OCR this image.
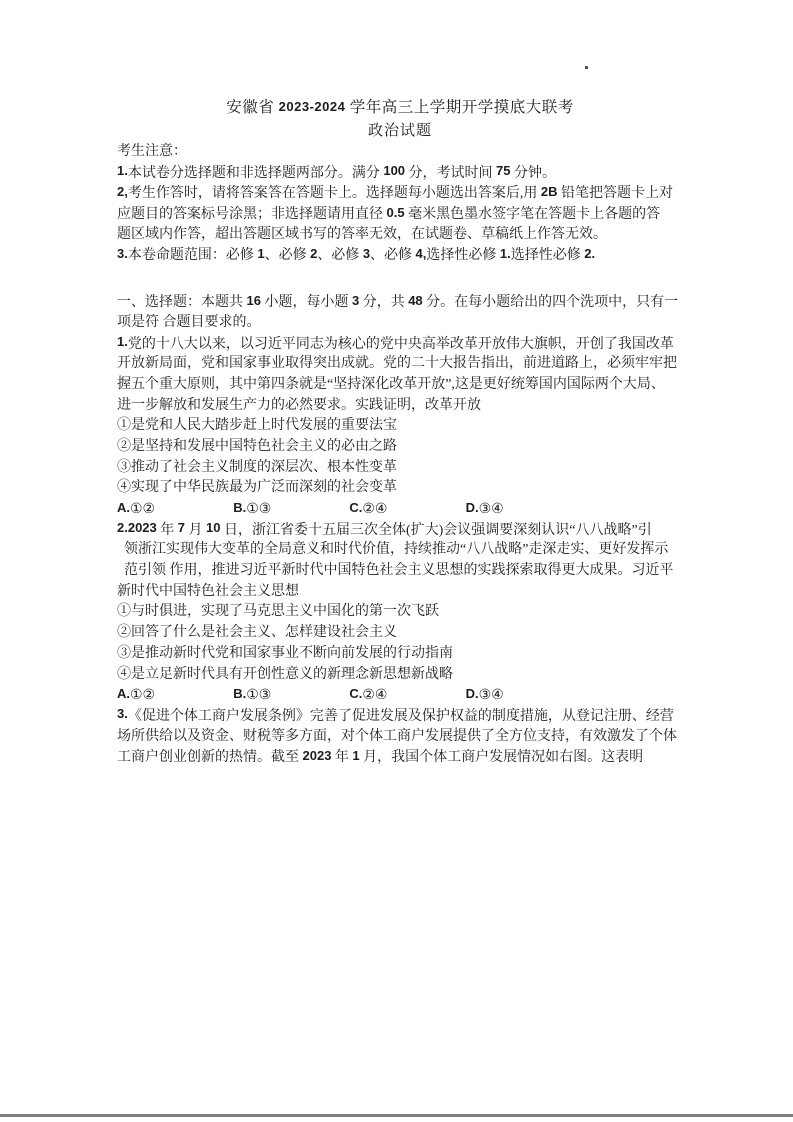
安徽省 2023-2024 学年高三上学期开学摸底大联考
政治试题
考生注意：
1.本试卷分选择题和非选择题两部分。满分 100 分，考试时间 75 分钟。
2,考生作答时，请将答案答在答题卡上。选择题每小题选出答案后,用 2B 铅笔把答题卡上对
应题目的答案标号涂黑；非选择题请用直径 0.5 毫米黑色墨水签字笔在答题卡上各题的答
题区域内作答，超出答题区域书写的答率无效，在试题卷、草稿纸上作答无效。
3.本卷命题范围：必修 1、必修 2、必修 3、必修 4,选择性必修 1.选择性必修 2.
一、选择题：本题共 16 小题，每小题 3 分，共 48 分。在每小题给出的四个洗项中，只有一
项是符 合题目要求的。
1.党的十八大以来，以习近平同志为核心的党中央高举改革开放伟大旗帜，开创了我国改革
开放新局面，党和国家事业取得突出成就。党的二十大报告指出，前进道路上，必须牢牢把
握五个重大原则，其中第四条就是“坚持深化改革开放”,这是更好统筹国内国际两个大局、
进一步解放和发展生产力的必然要求。实践证明，改革开放
①是党和人民大踏步赶上时代发展的重要法宝
②是坚持和发展中国特色社会主义的必由之路
③推动了社会主义制度的深层次、根本性变革
④实现了中华民族最为广泛而深刻的社会变革
A.①②	B.①③	C.②④	D.③④
2.2023 年 7 月 10 日，浙江省委十五届三次全体(扩大)会议强调要深刻认识“八八战略”引
领浙江实现伟大变革的全局意义和时代价值，持续推动“八八战略”走深走实、更好发挥示
范引领 作用，推进习近平新时代中国特色社会主义思想的实践探索取得更大成果。习近平
新时代中国特色社会主义思想
①与时俱进，实现了马克思主义中国化的第一次飞跃
②回答了什么是社会主义、怎样建设社会主义
③是推动新时代党和国家事业不断向前发展的行动指南
④是立足新时代具有开创性意义的新理念新思想新战略
A.①②	B.①③	C.②④	D.③④
3.《促进个体工商户发展条例》完善了促进发展及保护权益的制度措施，从登记注册、经营
场所供给以及资金、财税等多方面，对个体工商户发展提供了全方位支持，有效激发了个体
工商户创业创新的热情。截至 2023 年 1 月，我国个体工商户发展情况如右图。这表明
